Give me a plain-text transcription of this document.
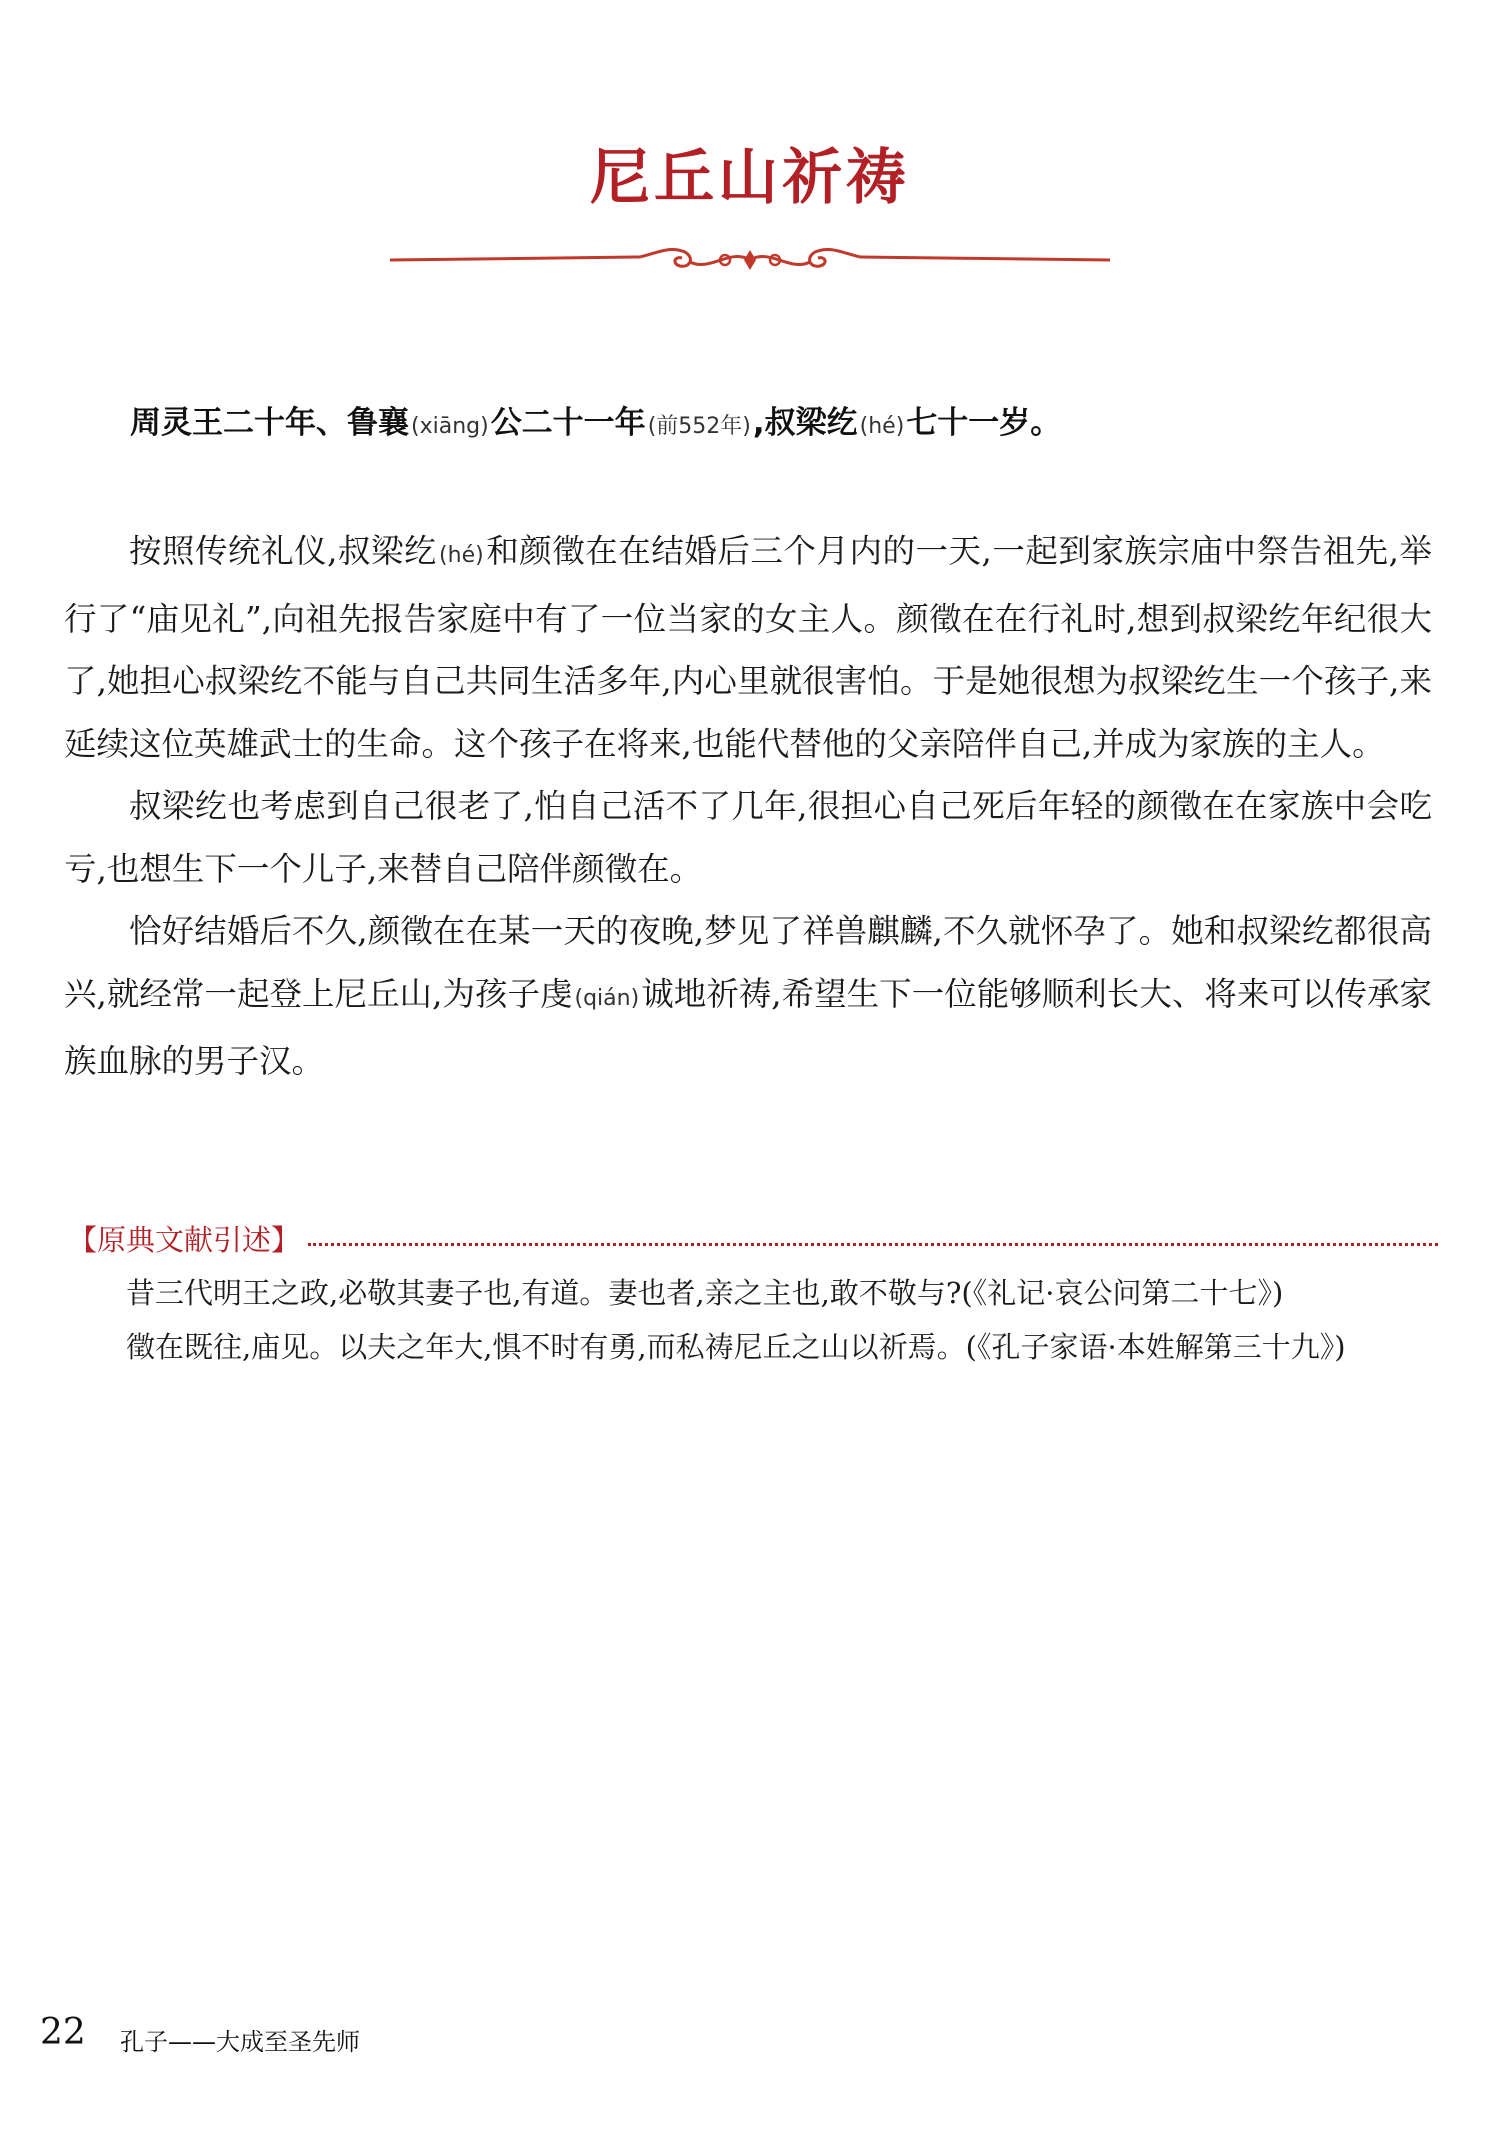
尼丘山祈祷
周灵王二十年、鲁襄(xiāng)公二十一年(前552年),叔梁纥(hé)七十一岁。

按照传统礼仪,叔梁纥(hé)和颜徵在在结婚后三个月内的一天,一起到家族宗庙中祭告祖先,举行了“庙见礼”,向祖先报告家庭中有了一位当家的女主人。颜徵在在行礼时,想到叔梁纥年纪很大了,她担心叔梁纥不能与自己共同生活多年,内心里就很害怕。于是她很想为叔梁纥生一个孩子,来延续这位英雄武士的生命。这个孩子在将来,也能代替他的父亲陪伴自己,并成为家族的主人。

叔梁纥也考虑到自己很老了,怕自己活不了几年,很担心自己死后年轻的颜徵在在家族中会吃亏,也想生下一个儿子,来替自己陪伴颜徵在。

恰好结婚后不久,颜徵在在某一天的夜晚,梦见了祥兽麒麟,不久就怀孕了。她和叔梁纥都很高兴,就经常一起登上尼丘山,为孩子虔(qián)诚地祈祷,希望生下一位能够顺利长大、将来可以传承家族血脉的男子汉。

【原典文献引述】

昔三代明王之政,必敬其妻子也,有道。妻也者,亲之主也,敢不敬与?(《礼记·哀公问第二十七》)

徵在既往,庙见。以夫之年大,惧不时有勇,而私祷尼丘之山以祈焉。(《孔子家语·本姓解第三十九》)

22 孔子——大成至圣先师
